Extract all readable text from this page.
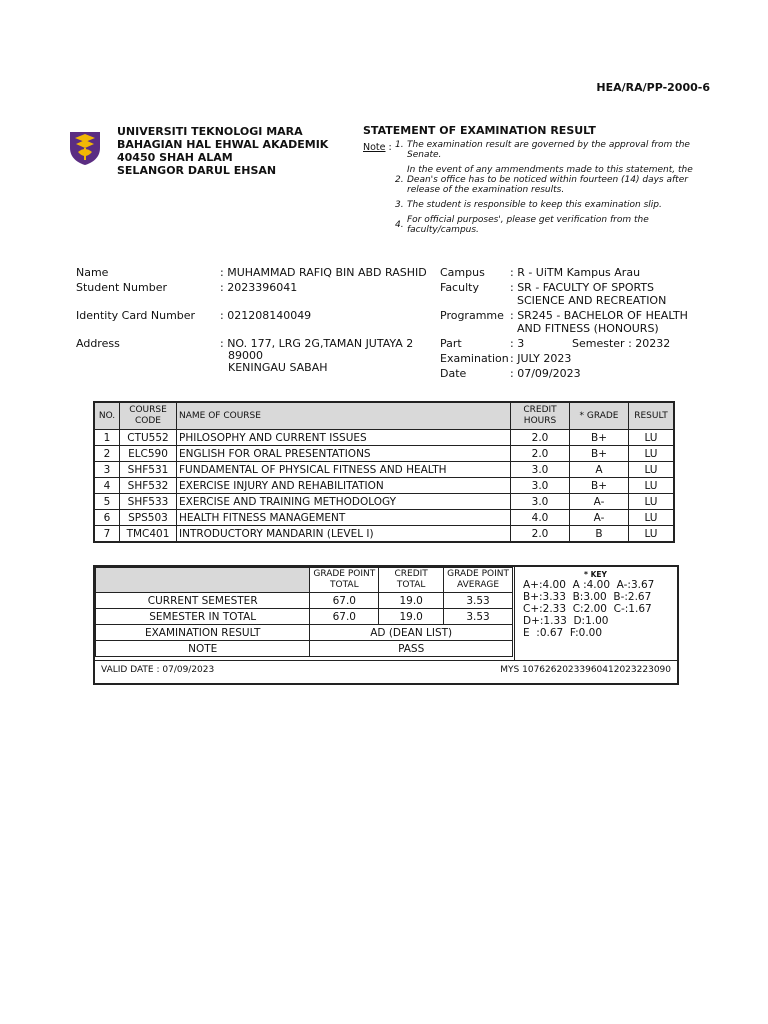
HEA/RA/PP-2000-6
UNIVERSITI TEKNOLOGI MARA
BAHAGIAN HAL EHWAL AKADEMIK
40450 SHAH ALAM
SELANGOR DARUL EHSAN
STATEMENT OF EXAMINATION RESULT
Note : 1. The examination result are governed by the approval from the Senate.
2.
In the event of any ammendments made to this statement, the Dean's office has to be noticed within fourteen (14) days after release of the examination results.
3. The student is responsible to keep this examination slip.
4. For official purposes', please get verification from the faculty/campus.
Name	: MUHAMMAD RAFIQ BIN ABD RASHID
Student Number	: 2023396041
Identity Card Number : 021208140049
Address	: NO. 177, LRG 2G,TAMAN JUTAYA 2
89000
KENINGAU SABAH
Campus : R - UiTM Kampus Arau
Faculty	: SR - FACULTY OF SPORTS
SCIENCE AND RECREATION
Programme : SR245 - BACHELOR OF HEALTH
AND FITNESS (HONOURS)
Part	: 3	Semester : 20232
Examination : JULY 2023
Date	: 07/09/2023
NO.	COURSE CODE	NAME OF COURSE	CREDIT HOURS	* GRADE	RESULT
1	CTU552	PHILOSOPHY AND CURRENT ISSUES	2.0	B+	LU
2	ELC590	ENGLISH FOR ORAL PRESENTATIONS	2.0	B+	LU
3	SHF531	FUNDAMENTAL OF PHYSICAL FITNESS AND HEALTH	3.0	A	LU
4	SHF532	EXERCISE INJURY AND REHABILITATION	3.0	B+	LU
5	SHF533	EXERCISE AND TRAINING METHODOLOGY	3.0	A-	LU
6	SPS503	HEALTH FITNESS MANAGEMENT	4.0	A-	LU
7	TMC401	INTRODUCTORY MANDARIN (LEVEL I)	2.0	B	LU
	GRADE POINT TOTAL	CREDIT TOTAL	GRADE POINT AVERAGE
CURRENT SEMESTER	67.0	19.0	3.53
SEMESTER IN TOTAL	67.0	19.0	3.53
EXAMINATION RESULT	AD (DEAN LIST)		
NOTE	PASS		
* KEY
A+:4.00  A :4.00  A-:3.67
B+:3.33  B:3.00  B-:2.67
C+:2.33  C:2.00  C-:1.67
D+:1.33  D:1.00
E  :0.67  F:0.00
VALID DATE : 07/09/2023	MYS 10762620233960412023223090
